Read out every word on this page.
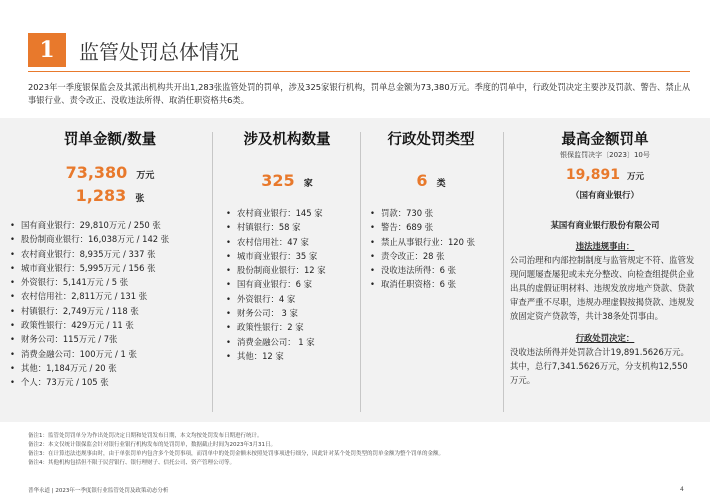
1	监管处罚总体情况
2023年一季度银保监会及其派出机构共开出1,283张监管处罚的罚单，涉及325家银行机构，罚单总金额为73,380万元。季度的罚单中，行政处罚决定主要涉及罚款、警告、禁止从事银行业、责令改正、没收违法所得、取消任职资格共6类。
罚单金额/数量
73,380 万元
1,283 张
• 国有商业银行：29,810万元 / 250 张
• 股份制商业银行：16,038万元 / 142 张
• 农村商业银行：8,935万元 / 337 张
• 城市商业银行：5,995万元 / 156 张
• 外资银行：5,141万元 / 5 张
• 农村信用社：2,811万元 / 131 张
• 村镇银行：2,749万元 / 118 张
• 政策性银行：429万元 / 11 张
• 财务公司：115万元 / 7张
• 消费金融公司：100万元 / 1 张
• 其他：1,184万元 / 20 张
• 个人：73万元 / 105 张
涉及机构数量
325 家
• 农村商业银行：145 家
• 村镇银行：58 家
• 农村信用社：47 家
• 城市商业银行：35 家
• 股份制商业银行：12 家
• 国有商业银行：6 家
• 外资银行：4 家
• 财务公司： 3 家
• 政策性银行：2 家
• 消费金融公司： 1 家
• 其他：12 家
行政处罚类型
6 类
• 罚款：730 张
• 警告：689 张
• 禁止从事银行业：120 张
• 责令改正：28 张
• 没收违法所得：6 张
• 取消任职资格：6 张
最高金额罚单
银保监罚决字〔2023〕10号
19,891 万元
（国有商业银行）
某国有商业银行股份有限公司
违法违规事由：
公司治理和内部控制制度与监管规定不符、监管发现问题屡查屡犯或未充分整改、向检查组提供企业出具的虚假证明材料、违规发放房地产贷款、贷款审查严重不尽职，违规办理虚假按揭贷款、违规发放固定资产贷款等，共计38条处罚事由。
行政处罚决定：
没收违法所得并处罚款合计19,891.5626万元。其中，总行7,341.5626万元，分支机构12,550万元。
备注1：监管处罚罚单分为作出处罚决定日期和处罚发布日期，本文均按处罚发布日期进行统计。
备注2：本文仅统计银保监会针对银行业银行机构发布的处罚罚单，数据截止时间为2023年3月31日。
备注3：在计算违法违规事由时，由于单张罚单内包含多个处罚事项，而罚单中的处罚金额未按照处罚事项进行细分，因此针对某个处罚类型的罚单金额为整个罚单的金额。
备注4：其他机构包括但不限于民营银行、银行理财子、信托公司、资产管理公司等。
普华永道 | 2023年一季度银行业监管处罚及政策动态分析	4
